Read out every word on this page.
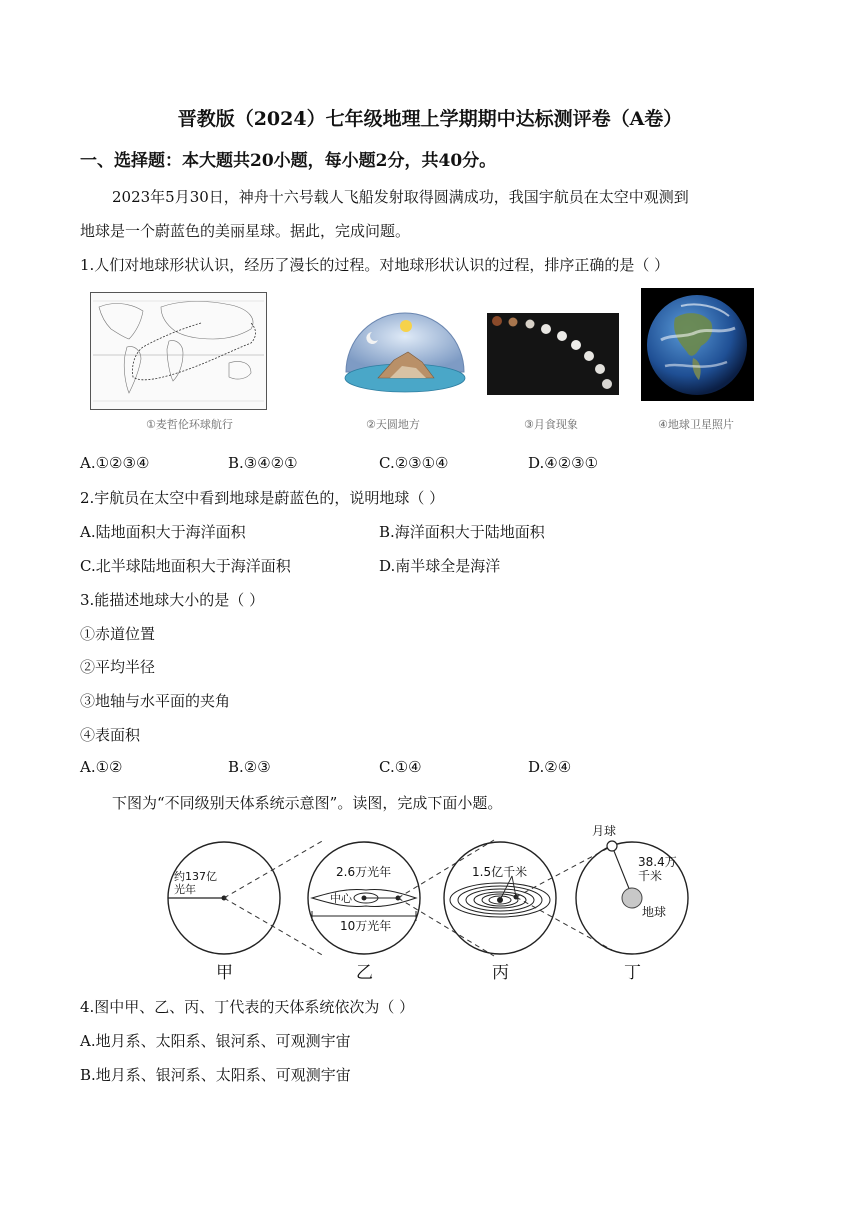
晋教版（2024）七年级地理上学期期中达标测评卷（A卷）
一、选择题：本大题共20小题，每小题2分，共40分。
2023年5月30日，神舟十六号载人飞船发射取得圆满成功，我国宇航员在太空中观测到
地球是一个蔚蓝色的美丽星球。据此，完成问题。
1.人们对地球形状认识，经历了漫长的过程。对地球形状认识的过程，排序正确的是（ ）
①麦哲伦环球航行	②天圆地方	③月食现象	④地球卫星照片
A.①②③④	B.③④②①	C.②③①④	D.④②③①
2.宇航员在太空中看到地球是蔚蓝色的，说明地球（ ）
A.陆地面积大于海洋面积	B.海洋面积大于陆地面积
C.北半球陆地面积大于海洋面积	D.南半球全是海洋
3.能描述地球大小的是（ ）
①赤道位置
②平均半径
③地轴与水平面的夹角
④表面积
A.①②	B.②③	C.①④	D.②④
下图为“不同级别天体系统示意图”。读图，完成下面小题。
约137亿
光年
2.6万光年
中心
10万光年
1.5亿千米
月球
38.4万
千米
地球
甲	乙	丙	丁
4.图中甲、乙、丙、丁代表的天体系统依次为（ ）
A.地月系、太阳系、银河系、可观测宇宙
B.地月系、银河系、太阳系、可观测宇宙
